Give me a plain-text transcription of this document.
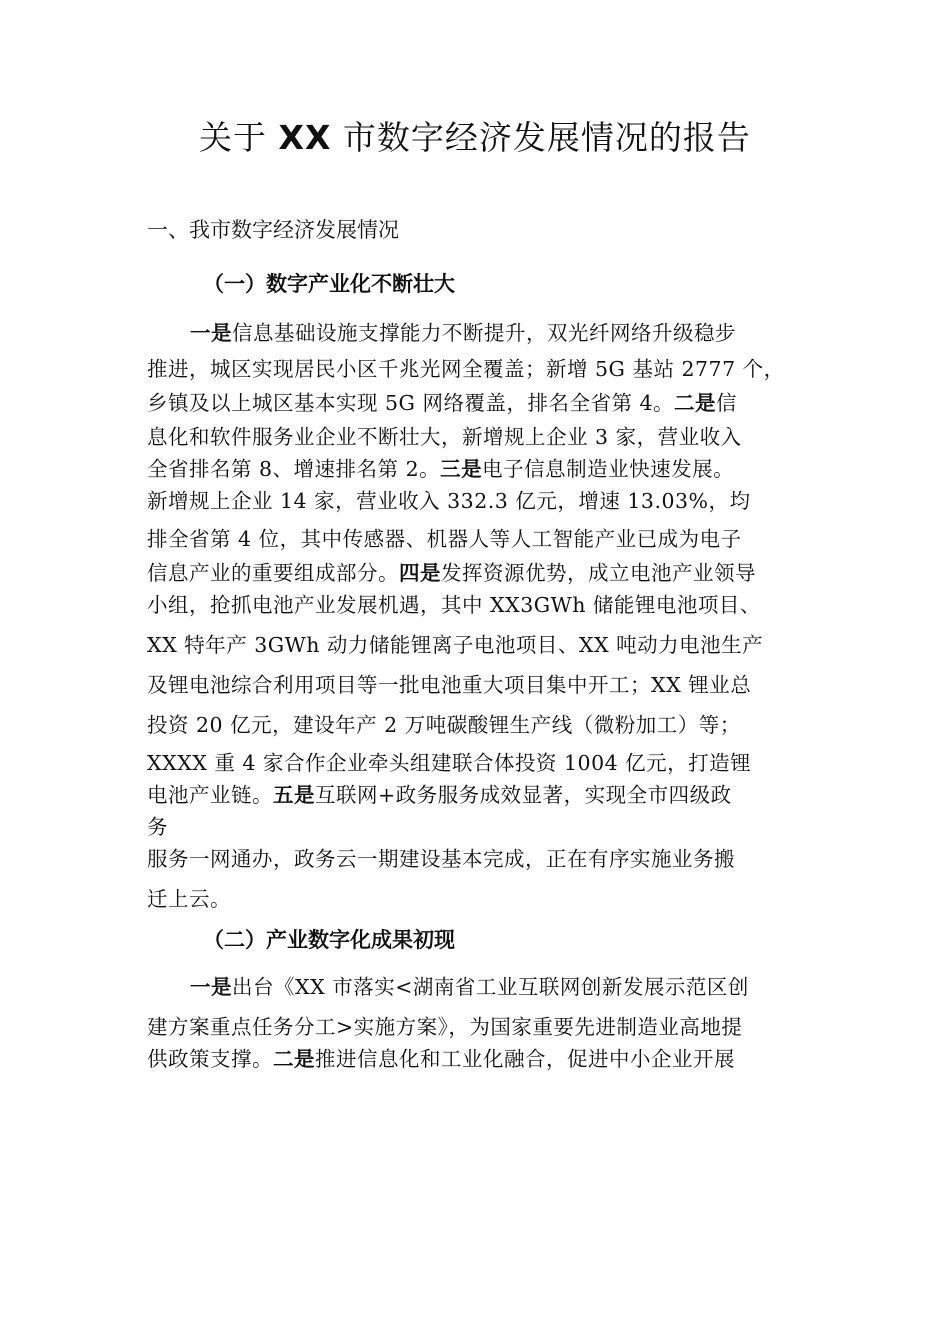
关于 XX 市数字经济发展情况的报告
一、我市数字经济发展情况
（一）数字产业化不断壮大
一是信息基础设施支撑能力不断提升，双光纤网络升级稳步
推进，城区实现居民小区千兆光网全覆盖；新增 5G 基站 2777 个，
乡镇及以上城区基本实现 5G 网络覆盖，排名全省第 4。二是信
息化和软件服务业企业不断壮大，新增规上企业 3 家，营业收入
全省排名第 8、增速排名第 2。三是电子信息制造业快速发展。
新增规上企业 14 家，营业收入 332.3 亿元，增速 13.03%，均
排全省第 4 位，其中传感器、机器人等人工智能产业已成为电子
信息产业的重要组成部分。四是发挥资源优势，成立电池产业领导
小组，抢抓电池产业发展机遇，其中 XX3GWh 储能锂电池项目、
XX 特年产 3GWh 动力储能锂离子电池项目、XX 吨动力电池生产
及锂电池综合利用项目等一批电池重大项目集中开工；XX 锂业总
投资 20 亿元，建设年产 2 万吨碳酸锂生产线（微粉加工）等；
XXXX 重 4 家合作企业牵头组建联合体投资 1004 亿元，打造锂
电池产业链。五是互联网+政务服务成效显著，实现全市四级政
务
服务一网通办，政务云一期建设基本完成，正在有序实施业务搬
迁上云。
（二）产业数字化成果初现
一是出台《XX 市落实<湖南省工业互联网创新发展示范区创
建方案重点任务分工>实施方案》，为国家重要先进制造业高地提
供政策支撑。二是推进信息化和工业化融合，促进中小企业开展
